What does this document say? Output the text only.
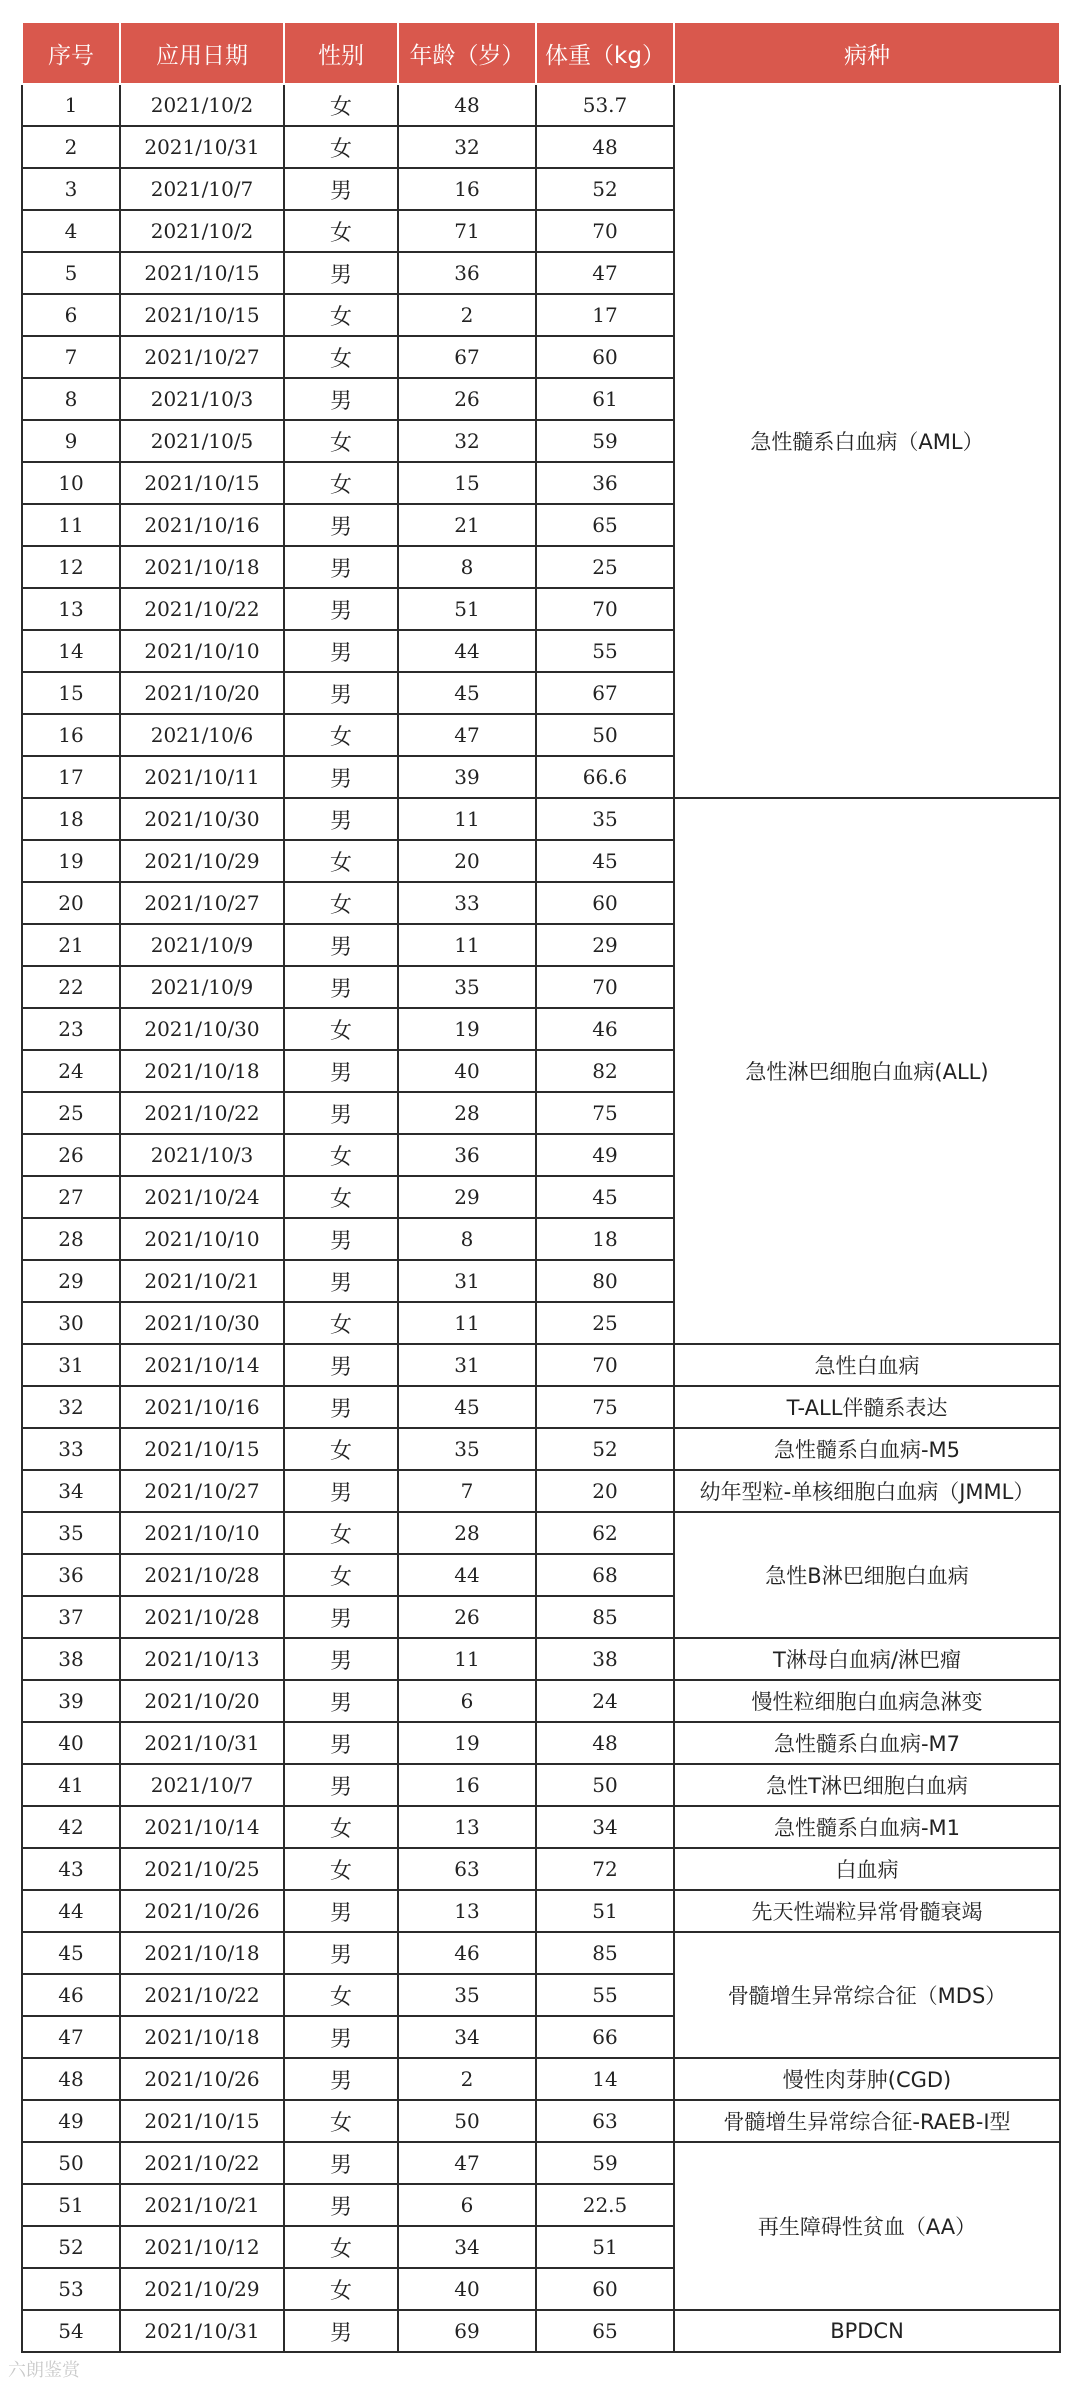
序号	应用日期	性别	年龄（岁）	体重（kg）	病种
1	2021/10/2	女	48	53.7	急性髓系白血病（AML）
2	2021/10/31	女	32	48	
3	2021/10/7	男	16	52	
4	2021/10/2	女	71	70	
5	2021/10/15	男	36	47	
6	2021/10/15	女	2	17	
7	2021/10/27	女	67	60	
8	2021/10/3	男	26	61	
9	2021/10/5	女	32	59	
10	2021/10/15	女	15	36	
11	2021/10/16	男	21	65	
12	2021/10/18	男	8	25	
13	2021/10/22	男	51	70	
14	2021/10/10	男	44	55	
15	2021/10/20	男	45	67	
16	2021/10/6	女	47	50	
17	2021/10/11	男	39	66.6	
18	2021/10/30	男	11	35	急性淋巴细胞白血病(ALL)
19	2021/10/29	女	20	45	
20	2021/10/27	女	33	60	
21	2021/10/9	男	11	29	
22	2021/10/9	男	35	70	
23	2021/10/30	女	19	46	
24	2021/10/18	男	40	82	
25	2021/10/22	男	28	75	
26	2021/10/3	女	36	49	
27	2021/10/24	女	29	45	
28	2021/10/10	男	8	18	
29	2021/10/21	男	31	80	
30	2021/10/30	女	11	25	
31	2021/10/14	男	31	70	急性白血病
32	2021/10/16	男	45	75	T-ALL伴髓系表达
33	2021/10/15	女	35	52	急性髓系白血病-M5
34	2021/10/27	男	7	20	幼年型粒-单核细胞白血病（JMML）
35	2021/10/10	女	28	62	急性B淋巴细胞白血病
36	2021/10/28	女	44	68	
37	2021/10/28	男	26	85	
38	2021/10/13	男	11	38	T淋母白血病/淋巴瘤
39	2021/10/20	男	6	24	慢性粒细胞白血病急淋变
40	2021/10/31	男	19	48	急性髓系白血病-M7
41	2021/10/7	男	16	50	急性T淋巴细胞白血病
42	2021/10/14	女	13	34	急性髓系白血病-M1
43	2021/10/25	女	63	72	白血病
44	2021/10/26	男	13	51	先天性端粒异常骨髓衰竭
45	2021/10/18	男	46	85	骨髓增生异常综合征（MDS）
46	2021/10/22	女	35	55	
47	2021/10/18	男	34	66	
48	2021/10/26	男	2	14	慢性肉芽肿(CGD)
49	2021/10/15	女	50	63	骨髓增生异常综合征-RAEB-I型
50	2021/10/22	男	47	59	再生障碍性贫血（AA）
51	2021/10/21	男	6	22.5	
52	2021/10/12	女	34	51	
53	2021/10/29	女	40	60	
54	2021/10/31	男	69	65	BPDCN
六朗鉴赏
